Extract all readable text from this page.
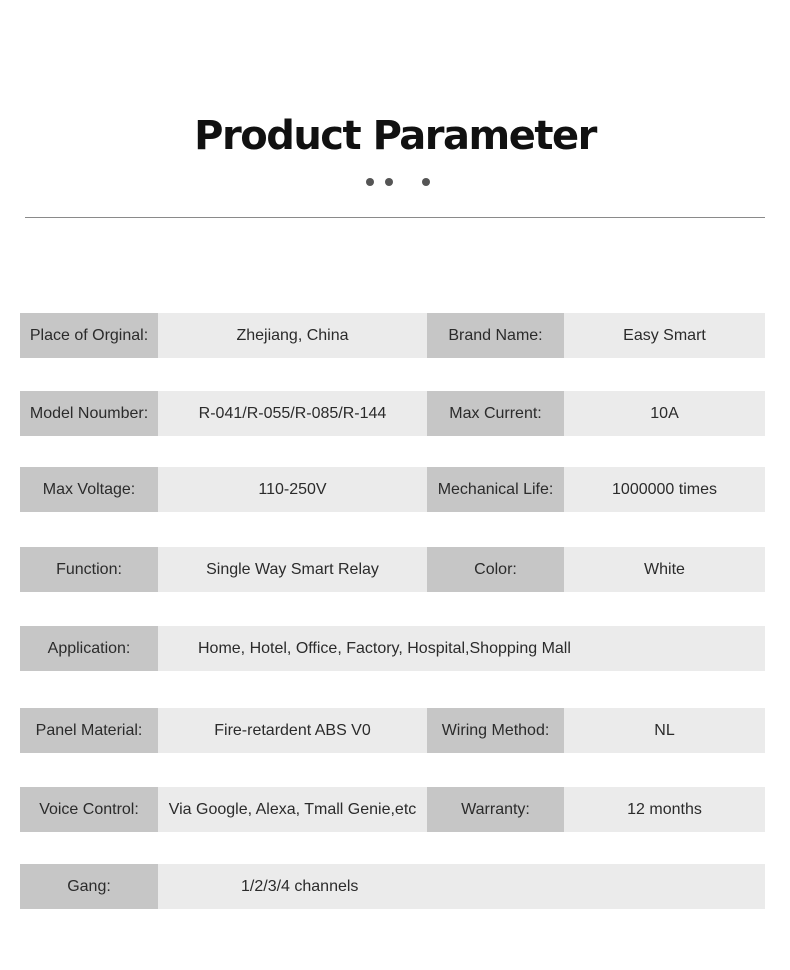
Product Parameter
Place of Orginal:	Zhejiang, China	Brand Name:	Easy Smart
Model Noumber:	R-041/R-055/R-085/R-144	Max Current:	10A
Max Voltage:	110-250V	Mechanical Life:	1000000 times
Function:	Single Way Smart Relay	Color:	White
Application:	Home, Hotel, Office, Factory, Hospital,Shopping Mall
Panel Material:	Fire-retardent ABS V0	Wiring Method:	NL
Voice Control:	Via Google, Alexa, Tmall Genie,etc	Warranty:	12 months
Gang:	1/2/3/4 channels
